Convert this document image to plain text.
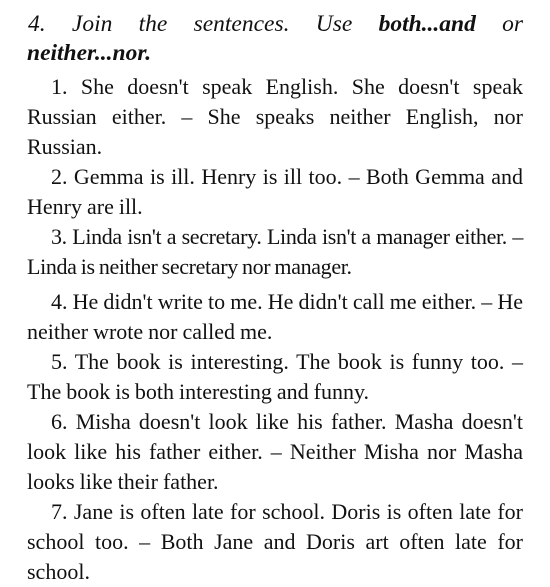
4. Join the sentences. Use both...and or neither...nor.

1. She doesn't speak English. She doesn't speak Russian either. – She speaks neither English, nor Russian.

2. Gemma is ill. Henry is ill too. – Both Gemma and Henry are ill.

3. Linda isn't a secretary. Linda isn't a manager either. – Linda is neither secretary nor manager.

4. He didn't write to me. He didn't call me either. – He neither wrote nor called me.

5. The book is interesting. The book is funny too. – The book is both interesting and funny.

6. Misha doesn't look like his father. Masha doesn't look like his father either. – Neither Misha nor Masha looks like their father.

7. Jane is often late for school. Doris is often late for school too. – Both Jane and Doris art often late for school.
